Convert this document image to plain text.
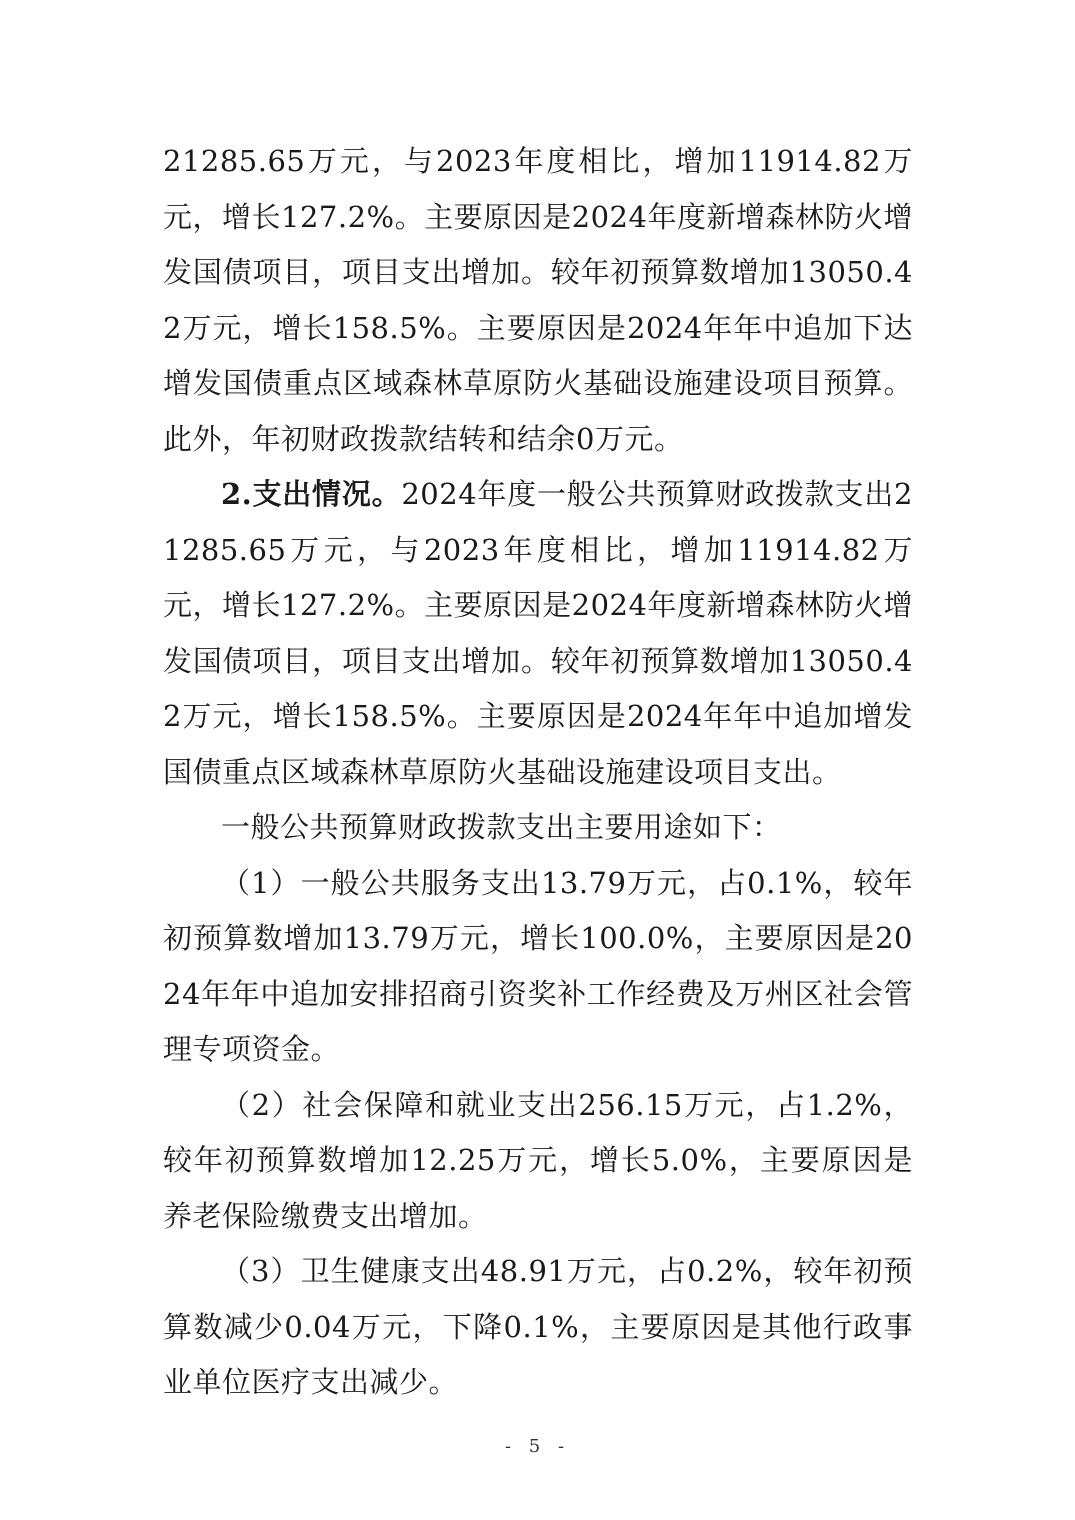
21285.65万元，与2023年度相比，增加11914.82万元，增长127.2%。主要原因是2024年度新增森林防火增发国债项目，项目支出增加。较年初预算数增加13050.42万元，增长158.5%。主要原因是2024年年中追加下达增发国债重点区域森林草原防火基础设施建设项目预算。此外，年初财政拨款结转和结余0万元。

2.支出情况。2024年度一般公共预算财政拨款支出21285.65万元，与2023年度相比，增加11914.82万元，增长127.2%。主要原因是2024年度新增森林防火增发国债项目，项目支出增加。较年初预算数增加13050.42万元，增长158.5%。主要原因是2024年年中追加增发国债重点区域森林草原防火基础设施建设项目支出。

一般公共预算财政拨款支出主要用途如下：

（1）一般公共服务支出13.79万元，占0.1%，较年初预算数增加13.79万元，增长100.0%，主要原因是2024年年中追加安排招商引资奖补工作经费及万州区社会管理专项资金。

（2）社会保障和就业支出256.15万元，占1.2%，较年初预算数增加12.25万元，增长5.0%，主要原因是养老保险缴费支出增加。

（3）卫生健康支出48.91万元，占0.2%，较年初预算数减少0.04万元，下降0.1%，主要原因是其他行政事业单位医疗支出减少。

- 5 -
